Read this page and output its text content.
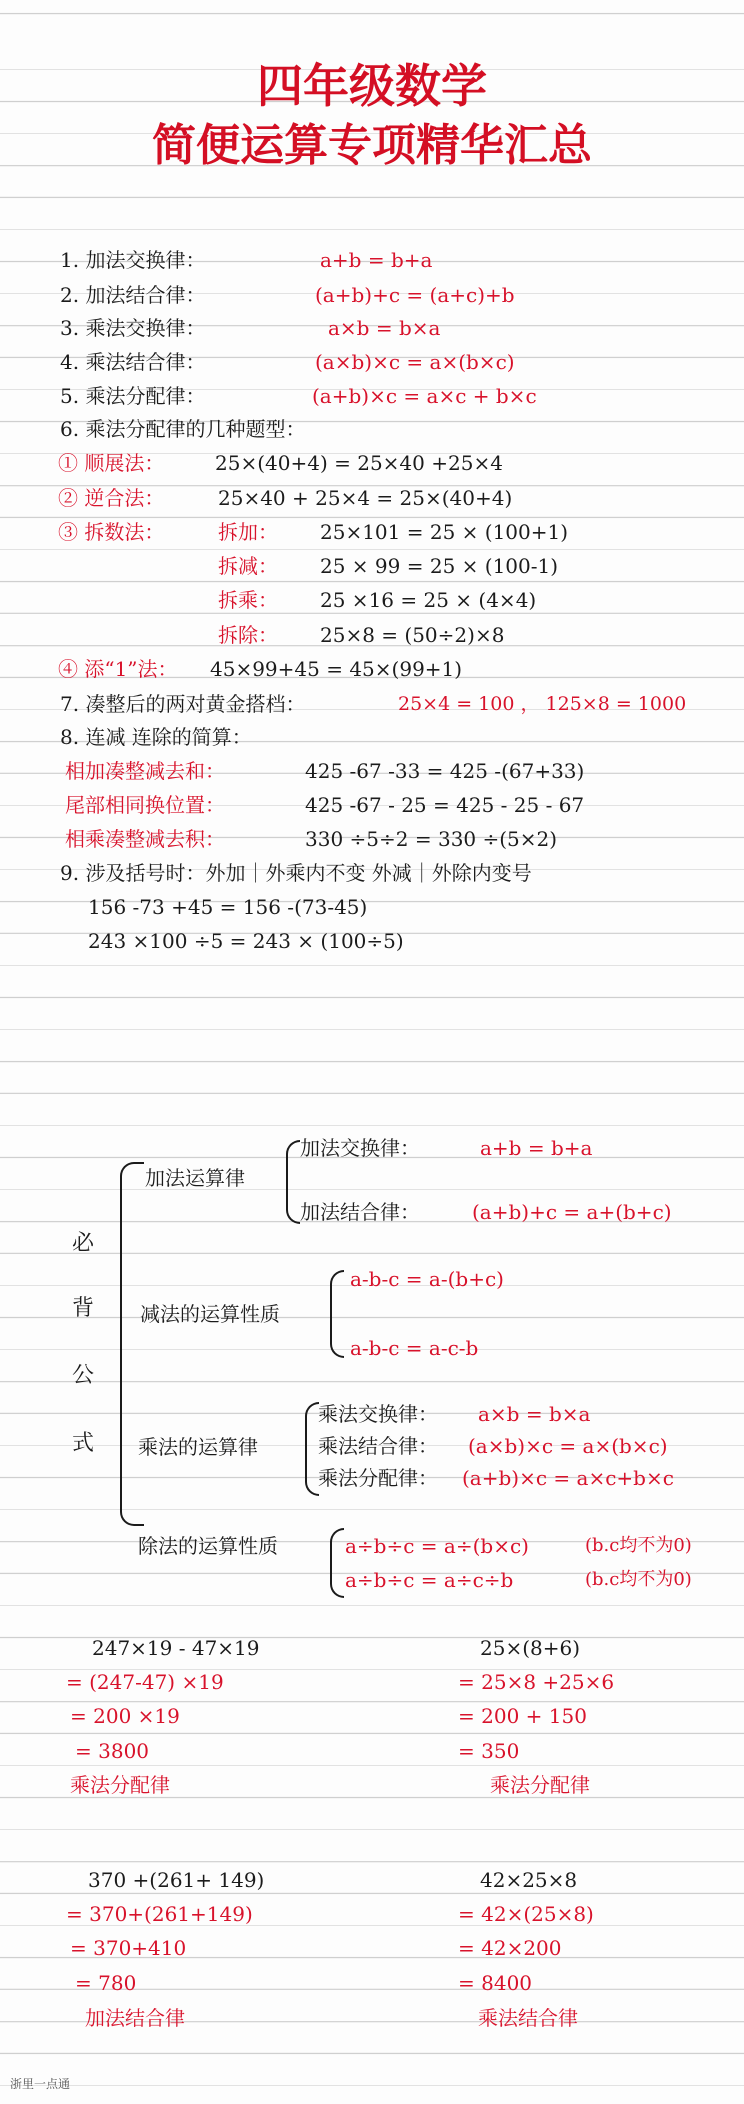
四年级数学
简便运算专项精华汇总
1. 加法交换律：	a+b = b+a
2. 加法结合律：	(a+b)+c = (a+c)+b
3. 乘法交换律：	a×b = b×a
4. 乘法结合律：	(a×b)×c = a×(b×c)
5. 乘法分配律：	(a+b)×c = a×c + b×c
6. 乘法分配律的几种题型：
① 顺展法：	25×(40+4) = 25×40 +25×4
② 逆合法：	25×40 + 25×4 = 25×(40+4)
③ 拆数法：	拆加： 25×101 = 25 × (100+1)
拆减： 25 × 99 = 25 × (100-1)
拆乘： 25 ×16 = 25 × (4×4)
拆除： 25×8 = (50÷2)×8
④ 添“1”法： 45×99+45 = 45×(99+1)
7. 凑整后的两对黄金搭档：	25×4 = 100 ， 125×8 = 1000
8. 连减 连除的简算：
相加凑整减去和：	425 -67 -33 = 425 -(67+33)
尾部相同换位置：	425 -67 - 25 = 425 - 25 - 67
相乘凑整减去积：	330 ÷5÷2 = 330 ÷(5×2)
9. 涉及括号时：外加｜外乘内不变 外减｜外除内变号
156 -73 +45 = 156 -(73-45)
243 ×100 ÷5 = 243 × (100÷5)
必
背
公
式
加法运算律
加法交换律：	a+b = b+a
加法结合律：	(a+b)+c = a+(b+c)
减法的运算性质
a-b-c = a-(b+c)
a-b-c = a-c-b
乘法的运算律
乘法交换律： a×b = b×a
乘法结合律： (a×b)×c = a×(b×c)
乘法分配律： (a+b)×c = a×c+b×c
除法的运算性质	a÷b÷c = a÷(b×c)	(b.c均不为0)
a÷b÷c = a÷c÷b	(b.c均不为0)
247×19 - 47×19
= (247-47) ×19
= 200 ×19
= 3800
乘法分配律
25×(8+6)
= 25×8 +25×6
= 200 + 150
= 350
乘法分配律
370 +(261+ 149)
= 370+(261+149)
= 370+410
= 780
加法结合律
42×25×8
= 42×(25×8)
= 42×200
= 8400
乘法结合律
浙里一点通
